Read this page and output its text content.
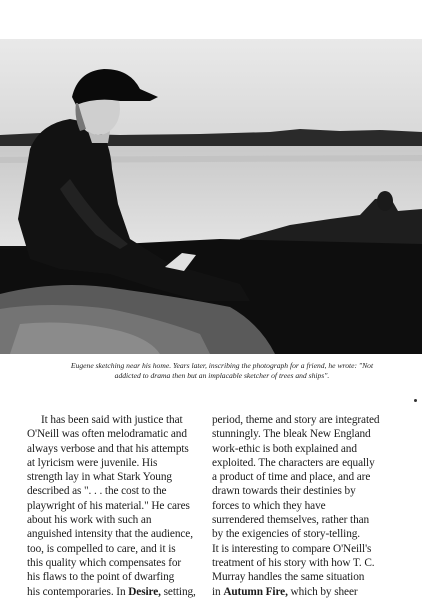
Eugene sketching near his home. Years later, inscribing the photograph for a friend, he wrote: "Not

addicted to drama then but an implacable sketcher of trees and ships".

It has been said with justice that

O'Neill was often melodramatic and

always verbose and that his attempts

at lyricism were juvenile. His

strength lay in what Stark Young

described as ". . . the cost to the

playwright of his material." He cares

about his work with such an

anguished intensity that the audience,

too, is compelled to care, and it is

this quality which compensates for

his flaws to the point of dwarfing

his contemporaries. In Desire, setting,

period, theme and story are integrated

stunningly. The bleak New England

work-ethic is both explained and

exploited. The characters are equally

a product of time and place, and are

drawn towards their destinies by

forces to which they have

surrendered themselves, rather than

by the exigencies of story-telling.

It is interesting to compare O'Neill's

treatment of his story with how T. C.

Murray handles the same situation

in Autumn Fire, which by sheer
